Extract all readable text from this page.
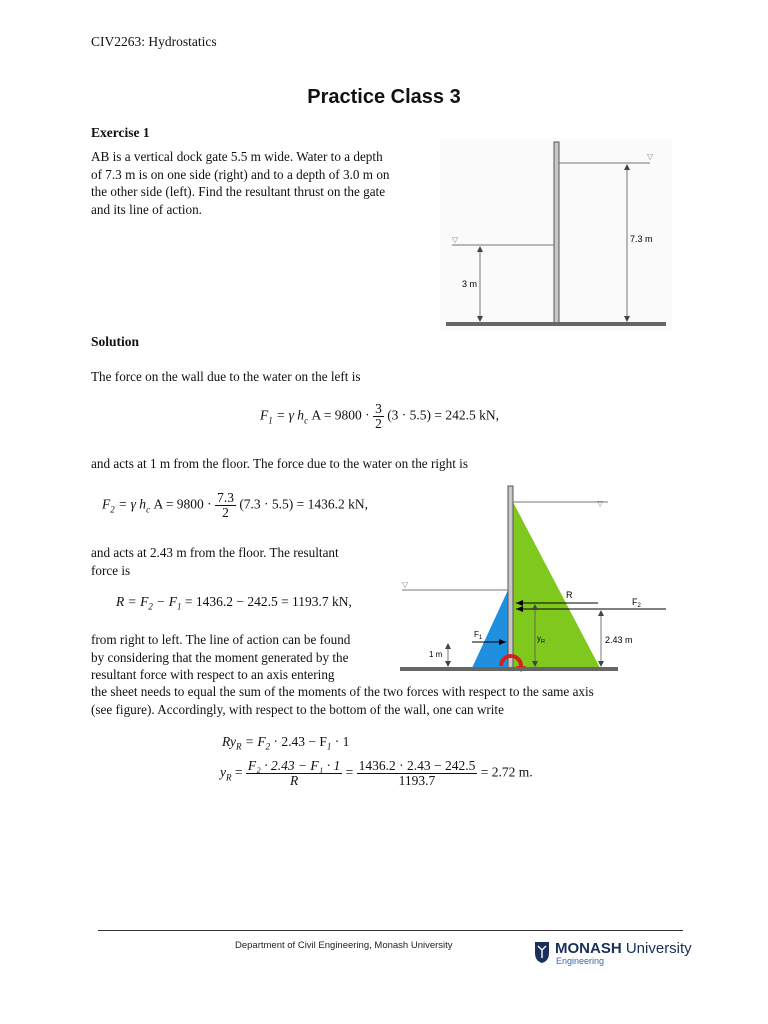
CIV2263: Hydrostatics
Practice Class 3
Exercise 1
AB is a vertical dock gate 5.5 m wide. Water to a depth
of 7.3 m is on one side (right) and to a depth of 3.0 m on
the other side (left). Find the resultant thrust on the gate
and its line of action.
▽
▽	7.3 m
3 m
Solution
The force on the wall due to the water on the left is
$F_1 = \gamma$ $h_c$ $A = 9800 \cdot \frac{3}{2} (3 \cdot 5.5) = 242.5$ kN,
and acts at 1 m from the floor. The force due to the water on the right is
$F_2 = \gamma$ $h_c$ $A = 9800 \cdot \frac{7.3}{2} (7.3 \cdot 5.5) = 1436.2$ kN,
and acts at 2.43 m from the floor. The resultant
force is
$R = F_2 - F_1 = 1436.2 - 242.5 = 1193.7$ kN,
from right to left. The line of action can be found
by considering that the moment generated by the
resultant force with respect to an axis entering
the sheet needs to equal the sum of the moments of the two forces with respect to the same axis
(see figure). Accordingly, with respect to the bottom of the wall, one can write
▽
▽
R
$F_2$
$F_1$	$y_R$	2.43 m
1 m
$Ry_R = F_2 \cdot 2.43 - F_1 \cdot 1$
$y_R = \frac{\text{F₂ · 2.43 − F₁ · 1}}{R} = \frac{1436.2 \cdot 2.43 - 242.5}{1193.7} = 2.72$ m.
Department of Civil Engineering, Monash University	MONASH University
Engineering
